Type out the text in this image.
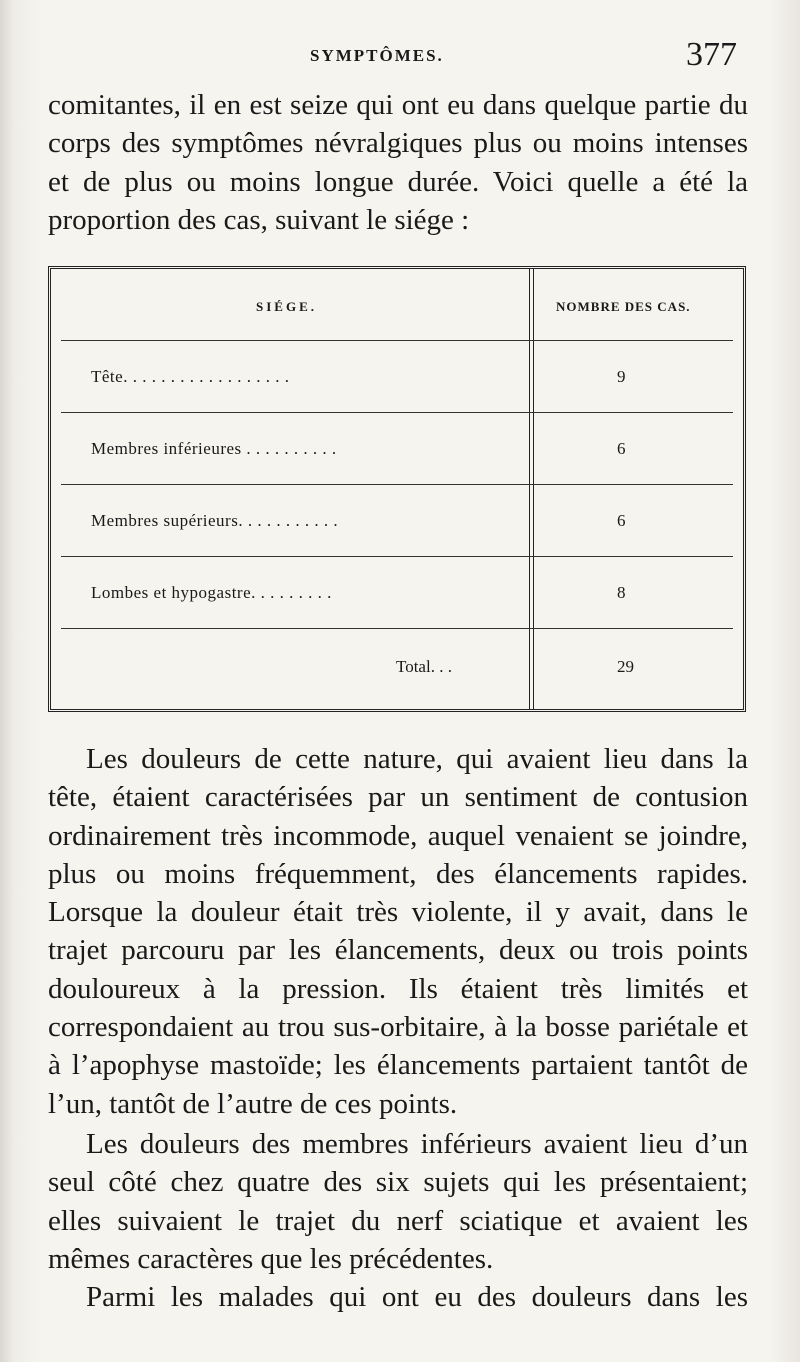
SYMPTÔMES.	377

comitantes, il en est seize qui ont eu dans quelque partie du corps des symptômes névralgiques plus ou moins intenses et de plus ou moins longue durée. Voici quelle a été la proportion des cas, suivant le siége :

SIÉGE.	NOMBRE DES CAS.
Tête. . . . . . . . . . . . . . . . . .	9
Membres inférieures . . . . . . . . . .	6
Membres supérieurs. . . . . . . . . . .	6
Lombes et hypogastre. . . . . . . . .	8
Total. . .	29

Les douleurs de cette nature, qui avaient lieu dans la tête, étaient caractérisées par un sentiment de contusion ordinairement très incommode, auquel venaient se joindre, plus ou moins fréquemment, des élancements rapides. Lorsque la douleur était très violente, il y avait, dans le trajet parcouru par les élancements, deux ou trois points douloureux à la pression. Ils étaient très limités et correspondaient au trou sus-orbitaire, à la bosse pariétale et à l’apophyse mastoïde; les élancements partaient tantôt de l’un, tantôt de l’autre de ces points.

Les douleurs des membres inférieurs avaient lieu d’un seul côté chez quatre des six sujets qui les présentaient; elles suivaient le trajet du nerf sciatique et avaient les mêmes caractères que les précédentes.

Parmi les malades qui ont eu des douleurs dans les
